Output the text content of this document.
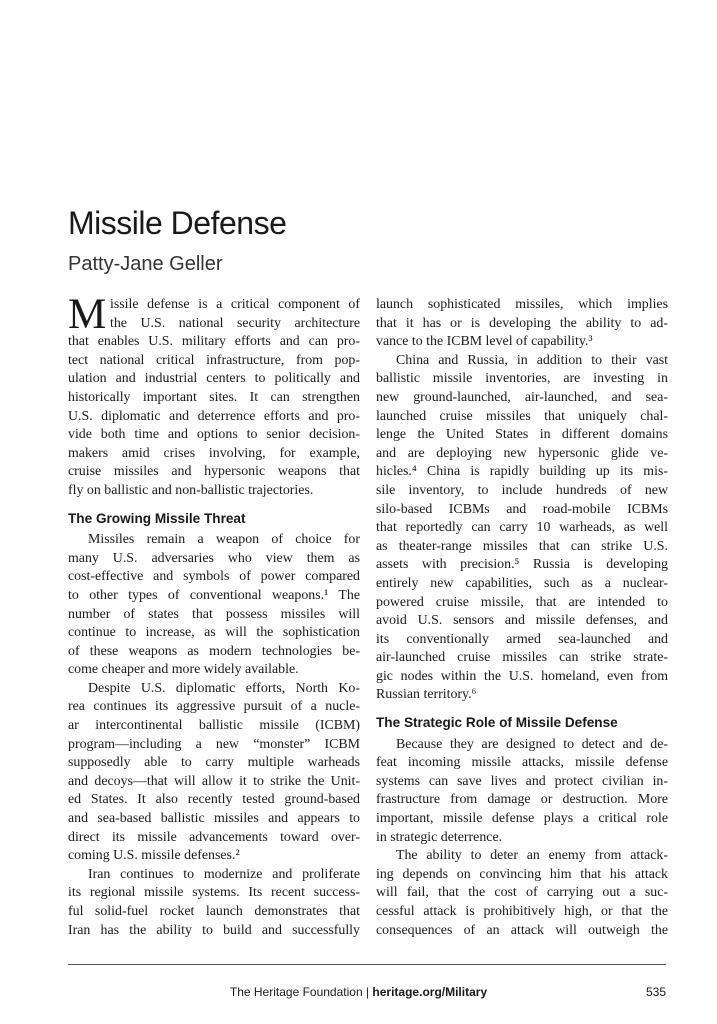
Missile Defense
Patty-Jane Geller
M issile defense is a critical component of
the U.S. national security architecture
that enables U.S. military efforts and can pro-
tect national critical infrastructure, from pop-
ulation and industrial centers to politically and
historically important sites. It can strengthen
U.S. diplomatic and deterrence efforts and pro-
vide both time and options to senior decision-
makers amid crises involving, for example,
cruise missiles and hypersonic weapons that
fly on ballistic and non-ballistic trajectories.
The Growing Missile Threat
Missiles remain a weapon of choice for
many U.S. adversaries who view them as
cost-effective and symbols of power compared
to other types of conventional weapons.¹ The
number of states that possess missiles will
continue to increase, as will the sophistication
of these weapons as modern technologies be-
come cheaper and more widely available.
Despite U.S. diplomatic efforts, North Ko-
rea continues its aggressive pursuit of a nucle-
ar intercontinental ballistic missile (ICBM)
program—including a new “monster” ICBM
supposedly able to carry multiple warheads
and decoys—that will allow it to strike the Unit-
ed States. It also recently tested ground-based
and sea-based ballistic missiles and appears to
direct its missile advancements toward over-
coming U.S. missile defenses.²
Iran continues to modernize and proliferate
its regional missile systems. Its recent success-
ful solid-fuel rocket launch demonstrates that
Iran has the ability to build and successfully
launch sophisticated missiles, which implies
that it has or is developing the ability to ad-
vance to the ICBM level of capability.³
China and Russia, in addition to their vast
ballistic missile inventories, are investing in
new ground-launched, air-launched, and sea-
launched cruise missiles that uniquely chal-
lenge the United States in different domains
and are deploying new hypersonic glide ve-
hicles.⁴ China is rapidly building up its mis-
sile inventory, to include hundreds of new
silo-based ICBMs and road-mobile ICBMs
that reportedly can carry 10 warheads, as well
as theater-range missiles that can strike U.S.
assets with precision.⁵ Russia is developing
entirely new capabilities, such as a nuclear-
powered cruise missile, that are intended to
avoid U.S. sensors and missile defenses, and
its conventionally armed sea-launched and
air-launched cruise missiles can strike strate-
gic nodes within the U.S. homeland, even from
Russian territory.⁶
The Strategic Role of Missile Defense
Because they are designed to detect and de-
feat incoming missile attacks, missile defense
systems can save lives and protect civilian in-
frastructure from damage or destruction. More
important, missile defense plays a critical role
in strategic deterrence.
The ability to deter an enemy from attack-
ing depends on convincing him that his attack
will fail, that the cost of carrying out a suc-
cessful attack is prohibitively high, or that the
consequences of an attack will outweigh the
The Heritage Foundation | heritage.org/Military	535
